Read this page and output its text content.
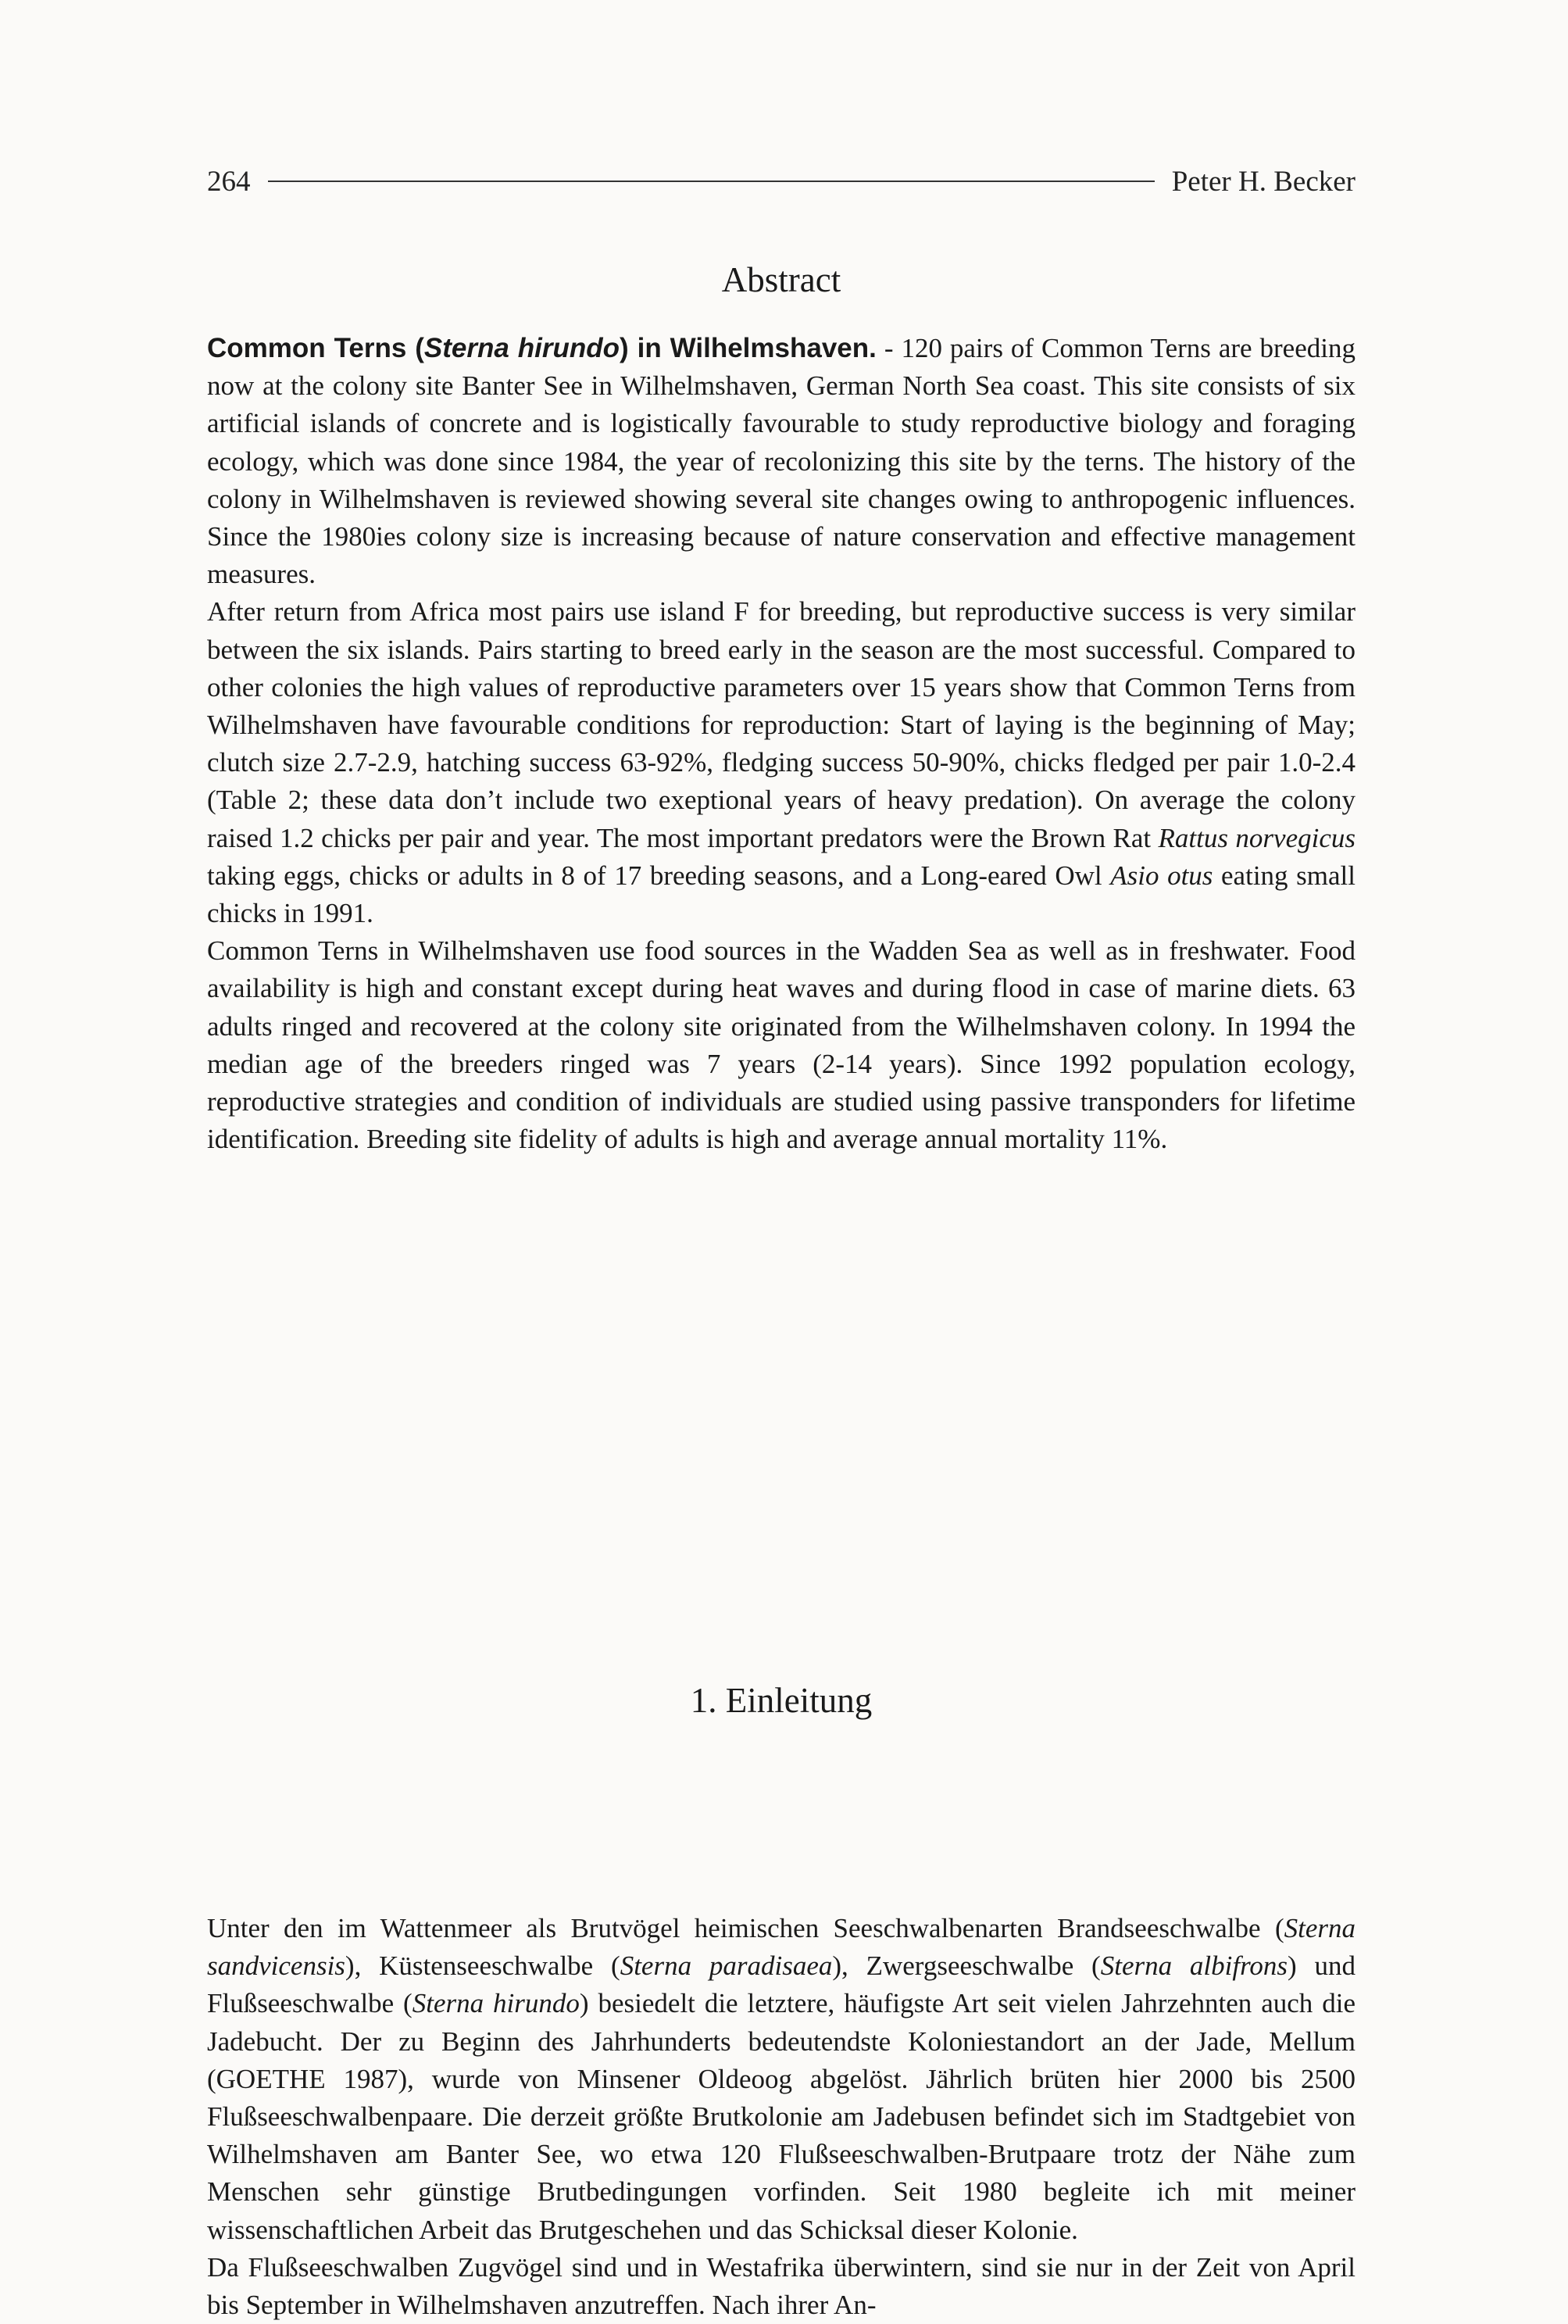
264	Peter H. Becker
Abstract

Common Terns (Sterna hirundo) in Wilhelmshaven. - 120 pairs of Common Terns are breeding now at the colony site Banter See in Wilhelmshaven, German North Sea coast. This site consists of six artificial islands of concrete and is logistically favourable to study reproductive biology and foraging ecology, which was done since 1984, the year of recolonizing this site by the terns. The history of the colony in Wilhelmshaven is reviewed showing several site changes owing to anthropogenic influences. Since the 1980ies colony size is increasing because of nature conservation and effective management measures.

After return from Africa most pairs use island F for breeding, but reproductive success is very similar between the six islands. Pairs starting to breed early in the season are the most successful. Compared to other colonies the high values of reproductive parameters over 15 years show that Common Terns from Wilhelmshaven have favourable conditions for reproduction: Start of laying is the beginning of May; clutch size 2.7-2.9, hatching success 63-92%, fledging success 50-90%, chicks fledged per pair 1.0-2.4 (Table 2; these data don’t include two exeptional years of heavy predation). On average the colony raised 1.2 chicks per pair and year. The most important predators were the Brown Rat Rattus norvegicus taking eggs, chicks or adults in 8 of 17 breeding seasons, and a Long-eared Owl Asio otus eating small chicks in 1991.

Common Terns in Wilhelmshaven use food sources in the Wadden Sea as well as in freshwater. Food availability is high and constant except during heat waves and during flood in case of marine diets. 63 adults ringed and recovered at the colony site originated from the Wilhelmshaven colony. In 1994 the median age of the breeders ringed was 7 years (2-14 years). Since 1992 population ecology, reproductive strategies and condition of individuals are studied using passive transponders for lifetime identification. Breeding site fidelity of adults is high and average annual mortality 11%.

1. Einleitung

Unter den im Wattenmeer als Brutvögel heimischen Seeschwalbenarten Brandseeschwalbe (Sterna sandvicensis), Küstenseeschwalbe (Sterna paradisaea), Zwergseeschwalbe (Sterna albifrons) und Flußseeschwalbe (Sterna hirundo) besiedelt die letztere, häufigste Art seit vielen Jahrzehnten auch die Jadebucht. Der zu Beginn des Jahrhunderts bedeutendste Koloniestandort an der Jade, Mellum (GOETHE 1987), wurde von Minsener Oldeoog abgelöst. Jährlich brüten hier 2000 bis 2500 Flußseeschwalbenpaare. Die derzeit größte Brutkolonie am Jadebusen befindet sich im Stadtgebiet von Wilhelmshaven am Banter See, wo etwa 120 Flußseeschwalben-Brutpaare trotz der Nähe zum Menschen sehr günstige Brutbedingungen vorfinden. Seit 1980 begleite ich mit meiner wissenschaftlichen Arbeit das Brutgeschehen und das Schicksal dieser Kolonie.

Da Flußseeschwalben Zugvögel sind und in Westafrika überwintern, sind sie nur in der Zeit von April bis September in Wilhelmshaven anzutreffen. Nach ihrer An-
